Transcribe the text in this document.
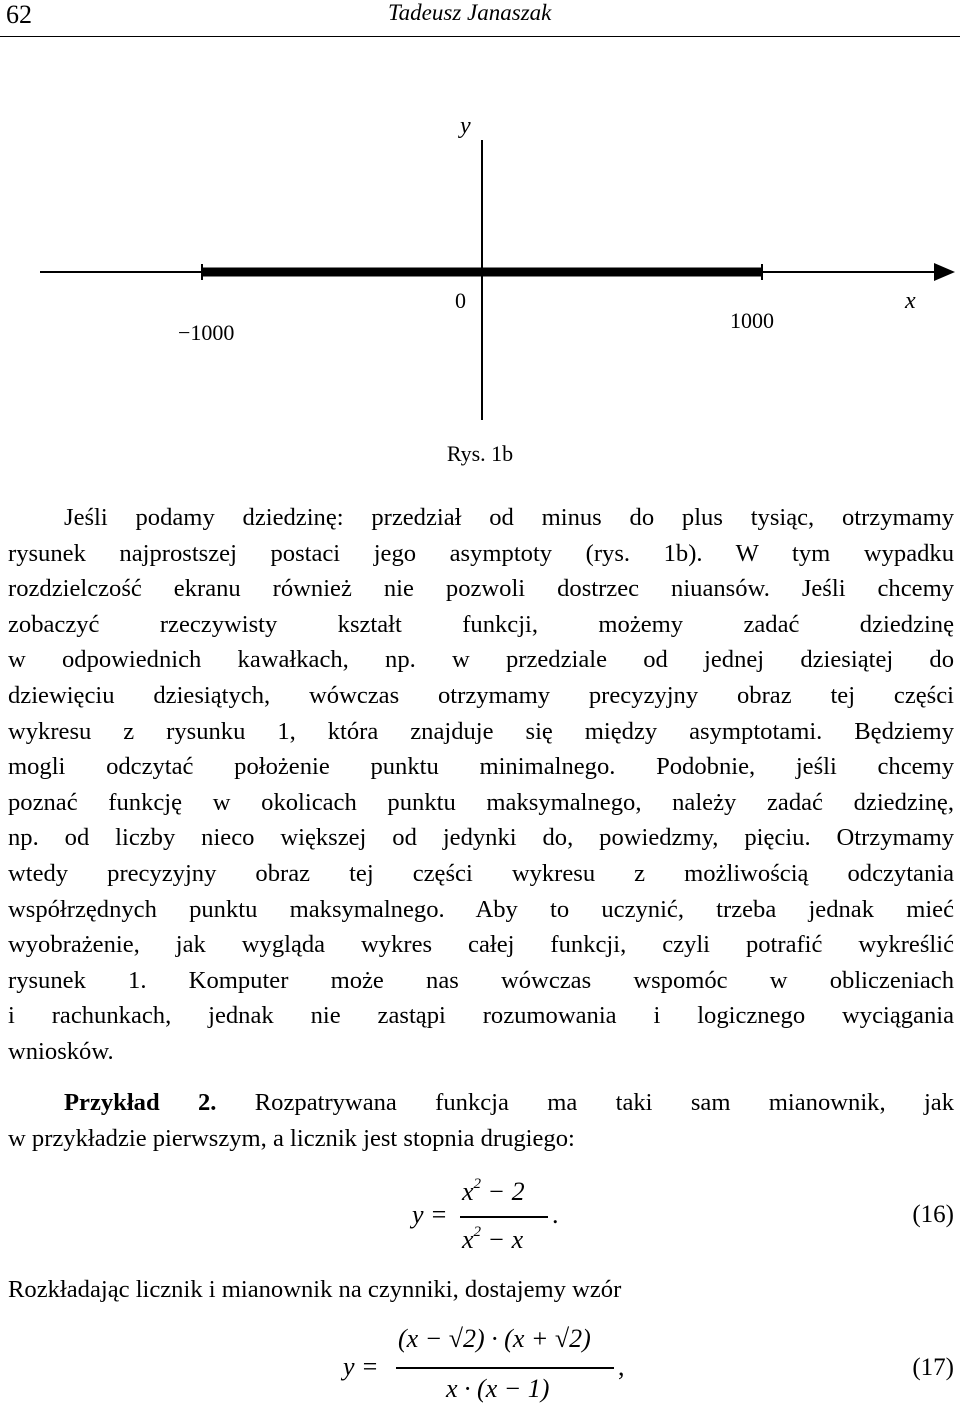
62	Tadeusz Janaszak
y
0
−1000	1000
x
Rys. 1b
Jeśli podamy dziedzinę: przedział od minus do plus tysiąc, otrzymamy
rysunek najprostszej postaci jego asymptoty (rys. 1b). W tym wypadku
rozdzielczość ekranu również nie pozwoli dostrzec niuansów. Jeśli chcemy
zobaczyć rzeczywisty kształt funkcji, możemy zadać dziedzinę
w odpowiednich kawałkach, np. w przedziale od jednej dziesiątej do
dziewięciu dziesiątych, wówczas otrzymamy precyzyjny obraz tej części
wykresu z rysunku 1, która znajduje się między asymptotami. Będziemy
mogli odczytać położenie punktu minimalnego. Podobnie, jeśli chcemy
poznać funkcję w okolicach punktu maksymalnego, należy zadać dziedzinę,
np. od liczby nieco większej od jedynki do, powiedzmy, pięciu. Otrzymamy
wtedy precyzyjny obraz tej części wykresu z możliwością odczytania
współrzędnych punktu maksymalnego. Aby to uczynić, trzeba jednak mieć
wyobrażenie, jak wygląda wykres całej funkcji, czyli potrafić wykreślić
rysunek 1. Komputer może nas wówczas wspomóc w obliczeniach
i rachunkach, jednak nie zastąpi rozumowania i logicznego wyciągania
wniosków.
Przykład 2. Rozpatrywana funkcja ma taki sam mianownik, jak
w przykładzie pierwszym, a licznik jest stopnia drugiego:
y =
$x^2 - 2$
$x^2 - x$
.	(16)
Rozkładając licznik i mianownik na czynniki, dostajemy wzór
y =
(x − √2) · (x + √2)
x · (x − 1)
,	(17)
